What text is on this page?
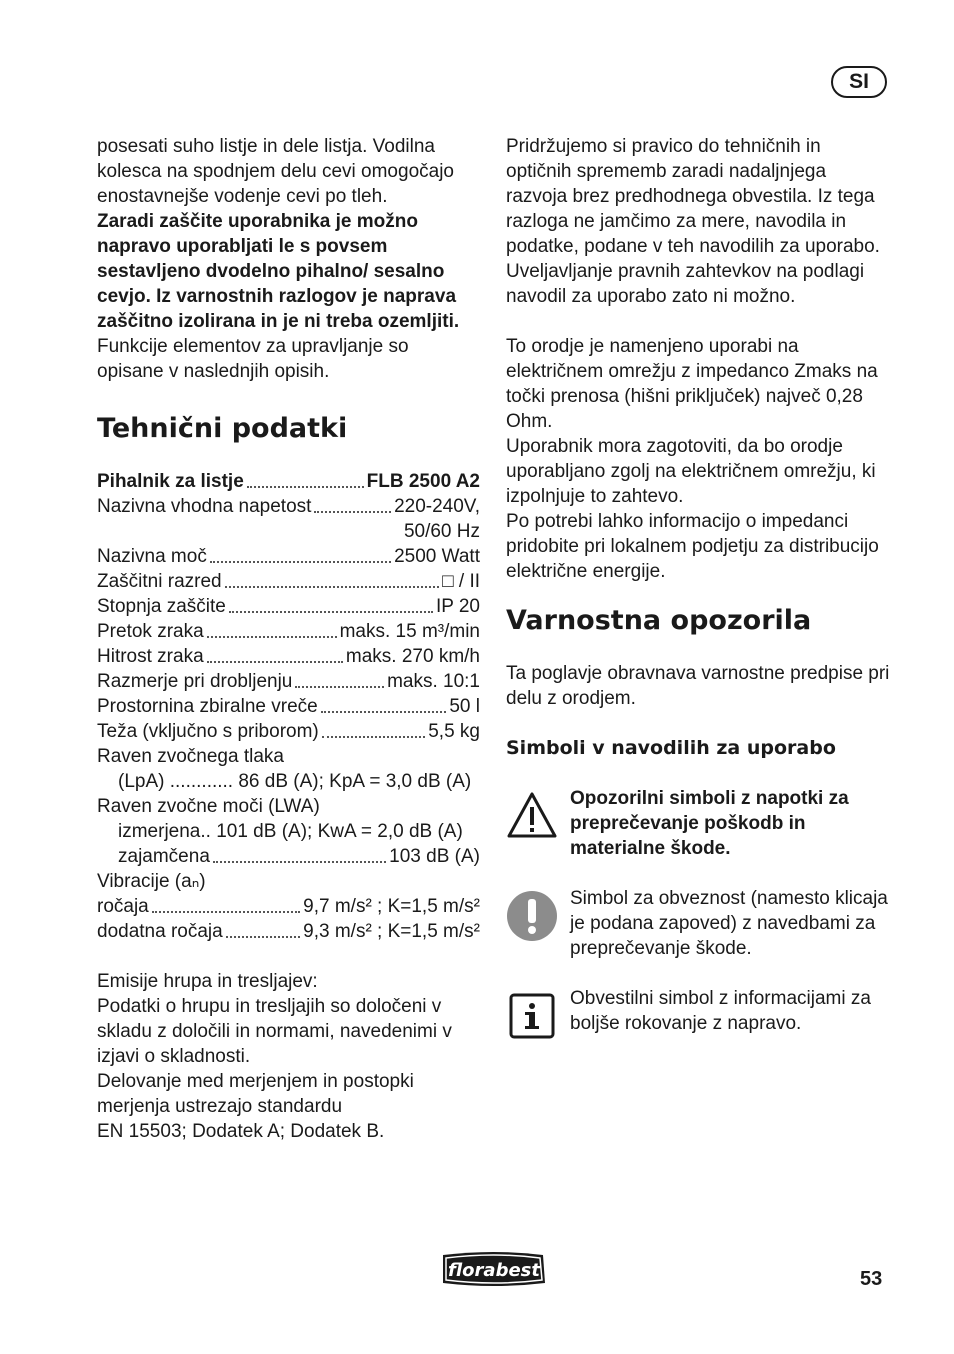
SI

posesati suho listje in dele listja. Vodilna kolesca na spodnjem delu cevi omogočajo enostavnejše vodenje cevi po tleh.

Zaradi zaščite uporabnika je možno napravo uporabljati le s povsem sestavljeno dvodelno pihalno/ sesalno cevjo. Iz varnostnih razlogov je naprava zaščitno izolirana in je ni treba ozemljiti.

Funkcije elementov za upravljanje so opisane v naslednjih opisih.

Tehnični podatki
Pihalnik za listje	FLB 2500 A2
Nazivna vhodna napetost	220-240V,
50/60 Hz
Nazivna moč	2500 Watt
Zaščitni razred	□ / II
Stopnja zaščite	IP 20
Pretok zraka	maks. 15 m³/min
Hitrost zraka	maks. 270 km/h
Razmerje pri drobljenju	maks. 10:1
Prostornina zbiralne vreče	50 l
Teža (vključno s priborom)	5,5 kg
Raven zvočnega tlaka
(LpA) ............ 86 dB (A); KpA = 3,0 dB (A)
Raven zvočne moči (LWA)
izmerjena.. 101 dB (A); KwA = 2,0 dB (A)
zajamčena	103 dB (A)
Vibracije (aₙ)
ročaja	9,7 m/s² ; K=1,5 m/s²
dodatna ročaja	9,3 m/s² ; K=1,5 m/s²
Emisije hrupa in tresljajev:
Podatki o hrupu in tresljajih so določeni v skladu z določili in normami, navedenimi v izjavi o skladnosti.
Delovanje med merjenjem in postopki merjenja ustrezajo standardu
EN 15503; Dodatek A; Dodatek B.

Pridržujemo si pravico do tehničnih in optičnih sprememb zaradi nadaljnjega razvoja brez predhodnega obvestila. Iz tega razloga ne jamčimo za mere, navodila in podatke, podane v teh navodilih za uporabo. Uveljavljanje pravnih zahtevkov na podlagi navodil za uporabo zato ni možno.

To orodje je namenjeno uporabi na električnem omrežju z impedanco Zmaks na točki prenosa (hišni priključek) največ 0,28 Ohm.

Uporabnik mora zagotoviti, da bo orodje uporabljano zgolj na električnem omrežju, ki izpolnjuje to zahtevo.

Po potrebi lahko informacijo o impedanci pridobite pri lokalnem podjetju za distribucijo električne energije.

Varnostna opozorila

Ta poglavje obravnava varnostne predpise pri delu z orodjem.

Simboli v navodilih za uporabo
Opozorilni simboli z napotki za preprečevanje poškodb in materialne škode.
Simbol za obveznost (namesto klicaja je podana zapoved) z navedbami za preprečevanje škode.
Obvestilni simbol z informacijami za boljše rokovanje z napravo.
florabest	53
